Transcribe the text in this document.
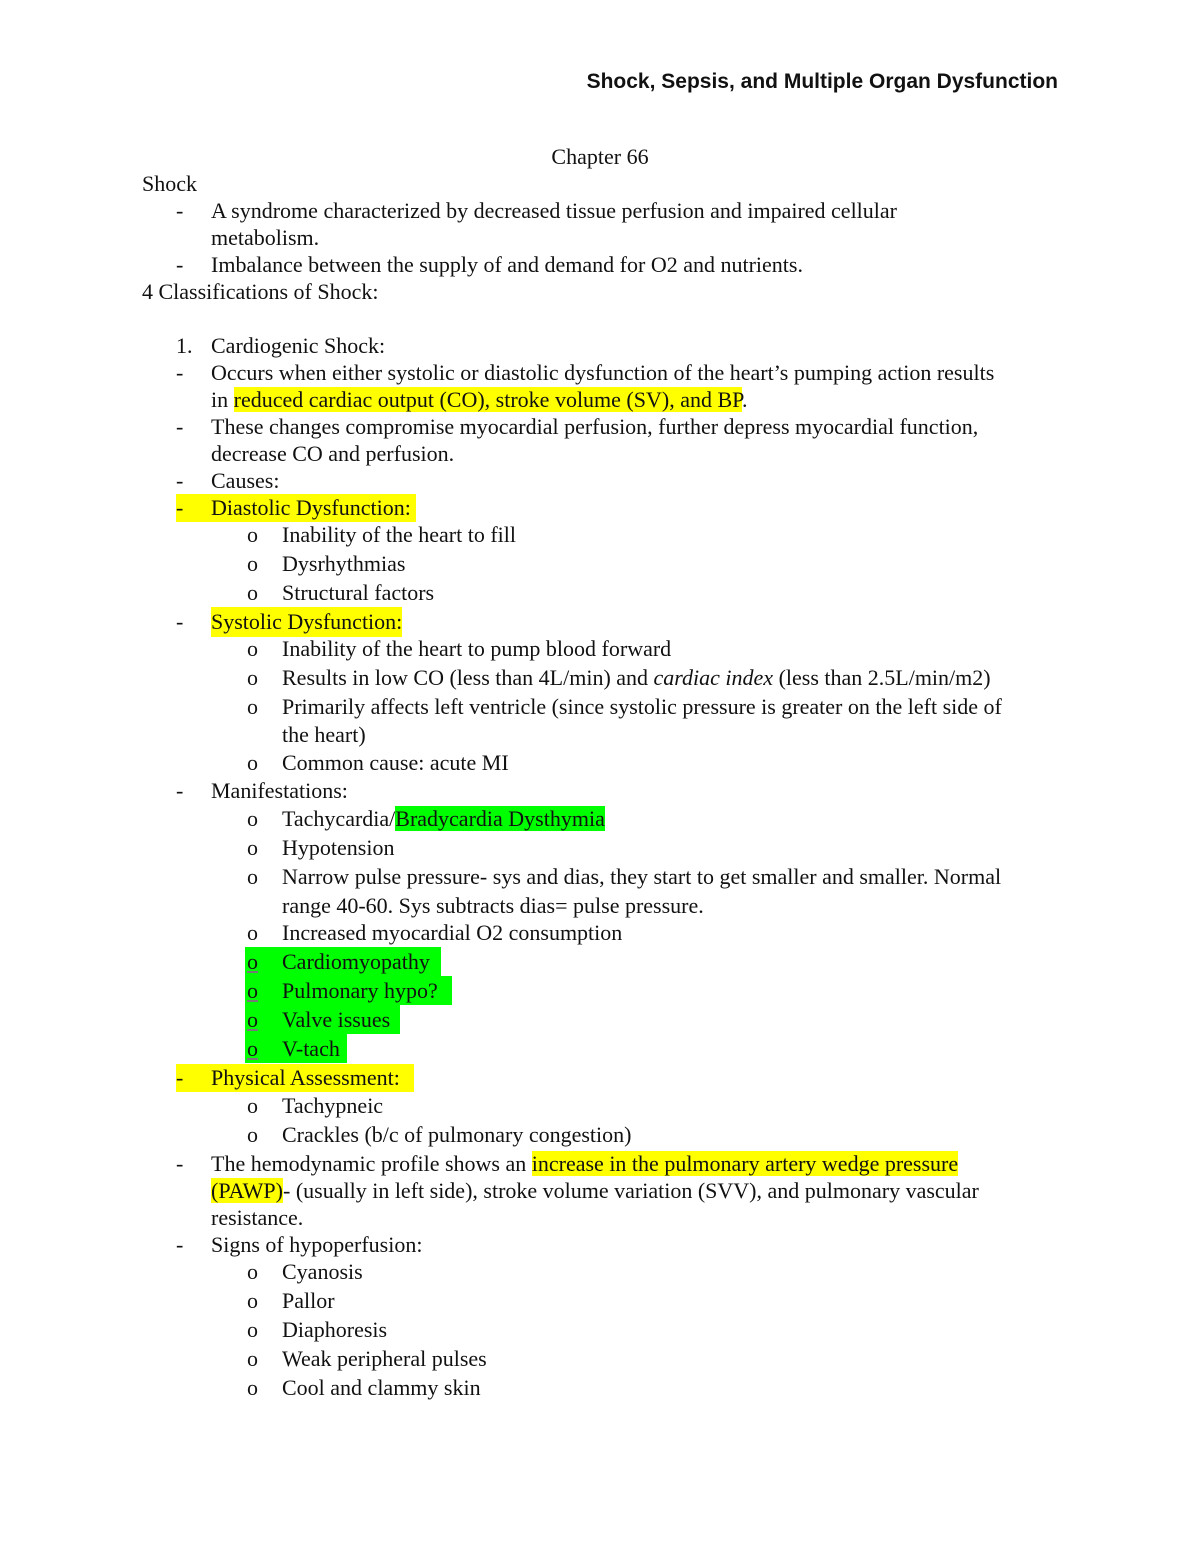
Shock, Sepsis, and Multiple Organ Dysfunction
Chapter 66
Shock
- A syndrome characterized by decreased tissue perfusion and impaired cellular
metabolism.
- Imbalance between the supply of and demand for O2 and nutrients.
4 Classifications of Shock:
1. Cardiogenic Shock:
- Occurs when either systolic or diastolic dysfunction of the heart’s pumping action results
in reduced cardiac output (CO), stroke volume (SV), and BP.
- These changes compromise myocardial perfusion, further depress myocardial function,
decrease CO and perfusion.
- Causes:
- Diastolic Dysfunction:
o Inability of the heart to fill
o Dysrhythmias
o Structural factors
- Systolic Dysfunction:
o Inability of the heart to pump blood forward
o Results in low CO (less than 4L/min) and cardiac index (less than 2.5L/min/m2)
o Primarily affects left ventricle (since systolic pressure is greater on the left side of
the heart)
o Common cause: acute MI
- Manifestations:
o Tachycardia/Bradycardia Dysthymia
o Hypotension
o Narrow pulse pressure- sys and dias, they start to get smaller and smaller. Normal
range 40-60. Sys subtracts dias= pulse pressure.
o Increased myocardial O2 consumption
o Cardiomyopathy
o Pulmonary hypo?
o Valve issues
o V-tach
- Physical Assessment:
o Tachypneic
o Crackles (b/c of pulmonary congestion)
- The hemodynamic profile shows an increase in the pulmonary artery wedge pressure
(PAWP)- (usually in left side), stroke volume variation (SVV), and pulmonary vascular
resistance.
- Signs of hypoperfusion:
o Cyanosis
o Pallor
o Diaphoresis
o Weak peripheral pulses
o Cool and clammy skin
